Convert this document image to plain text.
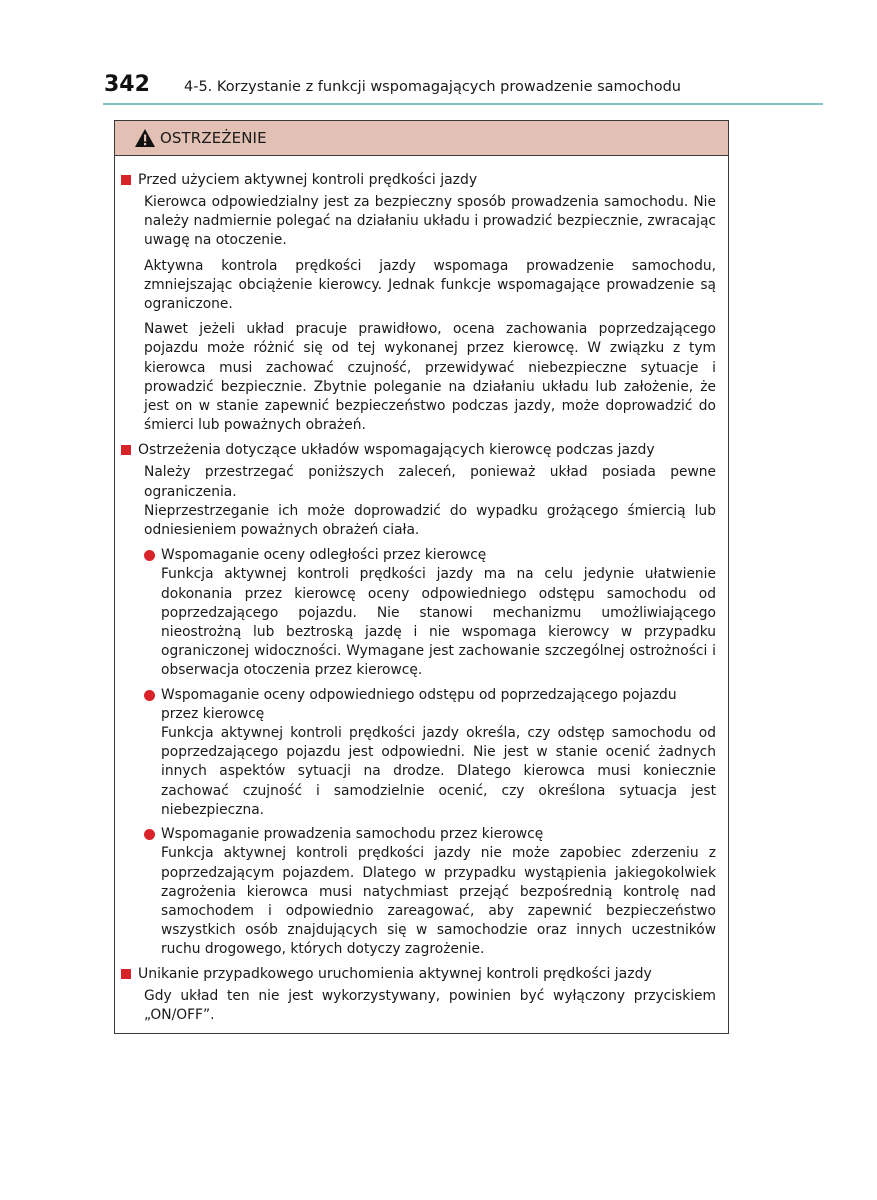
342 4-5. Korzystanie z funkcji wspomagających prowadzenie samochodu
OSTRZEŻENIE
Przed użyciem aktywnej kontroli prędkości jazdy

Kierowca odpowiedzialny jest za bezpieczny sposób prowadzenia samochodu. Nie należy nadmiernie polegać na działaniu układu i prowadzić bezpiecznie, zwracając uwagę na otoczenie.

Aktywna kontrola prędkości jazdy wspomaga prowadzenie samochodu, zmniejszając obciążenie kierowcy. Jednak funkcje wspomagające prowadzenie są ograniczone.

Nawet jeżeli układ pracuje prawidłowo, ocena zachowania poprzedzającego pojazdu może różnić się od tej wykonanej przez kierowcę. W związku z tym kierowca musi zachować czujność, przewidywać niebezpieczne sytuacje i prowadzić bezpiecznie. Zbytnie poleganie na działaniu układu lub założenie, że jest on w stanie zapewnić bezpieczeństwo podczas jazdy, może doprowadzić do śmierci lub poważnych obrażeń.

Ostrzeżenia dotyczące układów wspomagających kierowcę podczas jazdy

Należy przestrzegać poniższych zaleceń, ponieważ układ posiada pewne ograniczenia.

Nieprzestrzeganie ich może doprowadzić do wypadku grożącego śmiercią lub odniesieniem poważnych obrażeń ciała.

Wspomaganie oceny odległości przez kierowcę

Funkcja aktywnej kontroli prędkości jazdy ma na celu jedynie ułatwienie dokonania przez kierowcę oceny odpowiedniego odstępu samochodu od poprzedzającego pojazdu. Nie stanowi mechanizmu umożliwiającego nieostrożną lub beztroską jazdę i nie wspomaga kierowcy w przypadku ograniczonej widoczności. Wymagane jest zachowanie szczególnej ostrożności i obserwacja otoczenia przez kierowcę.

Wspomaganie oceny odpowiedniego odstępu od poprzedzającego pojazdu przez kierowcę

Funkcja aktywnej kontroli prędkości jazdy określa, czy odstęp samochodu od poprzedzającego pojazdu jest odpowiedni. Nie jest w stanie ocenić żadnych innych aspektów sytuacji na drodze. Dlatego kierowca musi koniecznie zachować czujność i samodzielnie ocenić, czy określona sytuacja jest niebezpieczna.

Wspomaganie prowadzenia samochodu przez kierowcę

Funkcja aktywnej kontroli prędkości jazdy nie może zapobiec zderzeniu z poprzedzającym pojazdem. Dlatego w przypadku wystąpienia jakiegokolwiek zagrożenia kierowca musi natychmiast przejąć bezpośrednią kontrolę nad samochodem i odpowiednio zareagować, aby zapewnić bezpieczeństwo wszystkich osób znajdujących się w samochodzie oraz innych uczestników ruchu drogowego, których dotyczy zagrożenie.

Unikanie przypadkowego uruchomienia aktywnej kontroli prędkości jazdy

Gdy układ ten nie jest wykorzystywany, powinien być wyłączony przyciskiem „ON/OFF”.
